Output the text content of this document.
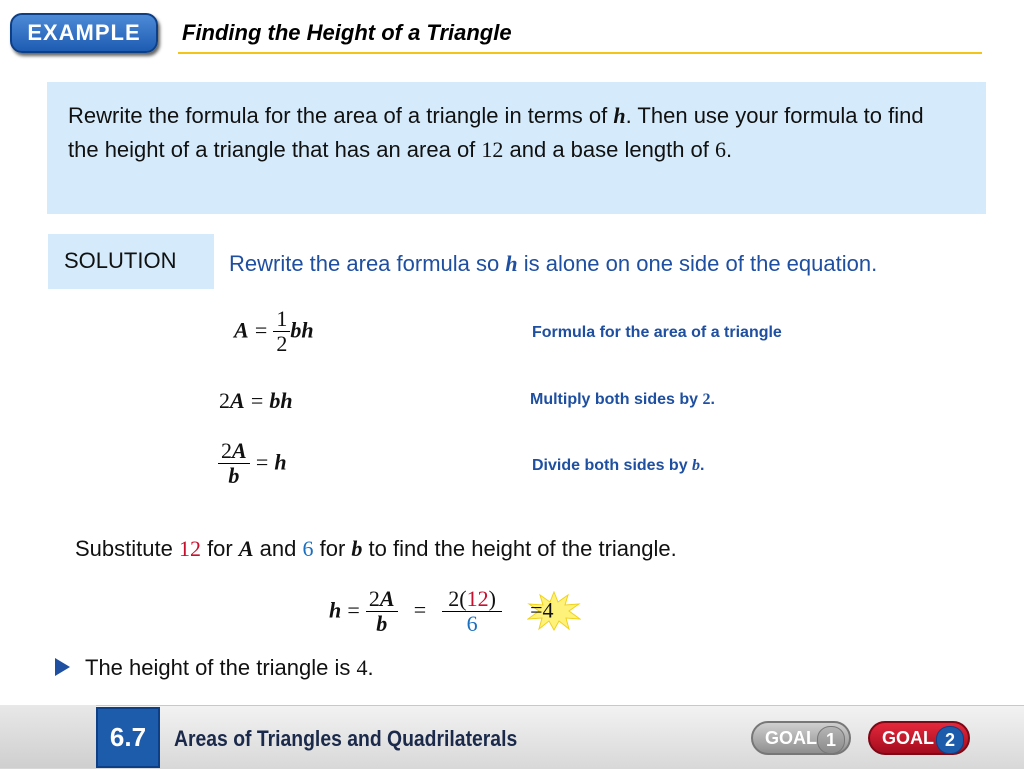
EXAMPLE	Finding the Height of a Triangle
Rewrite the formula for the area of a triangle in terms of h. Then use your formula to find the height of a triangle that has an area of 12 and a base length of 6.
SOLUTION	Rewrite the area formula so h is alone on one side of the equation.
$A = \frac{1}{2}$ bh	Formula for the area of a triangle
2A = bh	Multiply both sides by 2.
$\frac{2A}{b} = h$	Divide both sides by b.
Substitute 12 for A and 6 for b to find the height of the triangle.
$h = \frac{2A}{b} = \frac{2(12)}{6} =4$
The height of the triangle is 4.
6.7	Areas of Triangles and Quadrilaterals	GOAL 1	GOAL 2
